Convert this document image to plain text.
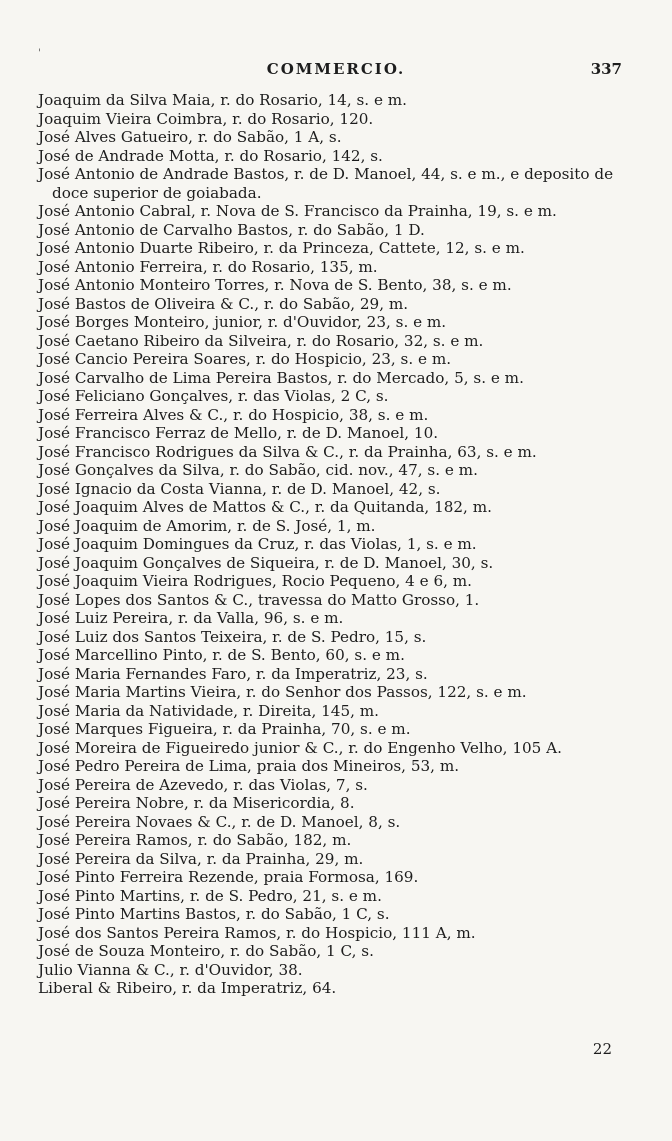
'
COMMERCIO.	337
Joaquim da Silva Maia, r. do Rosario, 14, s. e m.
Joaquim Vieira Coimbra, r. do Rosario, 120.
José Alves Gatueiro, r. do Sabão, 1 A, s.
José de Andrade Motta, r. do Rosario, 142, s.
José Antonio de Andrade Bastos, r. de D. Manoel, 44, s. e m., e deposito de doce superior de goiabada.
José Antonio Cabral, r. Nova de S. Francisco da Prainha, 19, s. e m.
José Antonio de Carvalho Bastos, r. do Sabão, 1 D.
José Antonio Duarte Ribeiro, r. da Princeza, Cattete, 12, s. e m.
José Antonio Ferreira, r. do Rosario, 135, m.
José Antonio Monteiro Torres, r. Nova de S. Bento, 38, s. e m.
José Bastos de Oliveira & C., r. do Sabão, 29, m.
José Borges Monteiro, junior, r. d'Ouvidor, 23, s. e m.
José Caetano Ribeiro da Silveira, r. do Rosario, 32, s. e m.
José Cancio Pereira Soares, r. do Hospicio, 23, s. e m.
José Carvalho de Lima Pereira Bastos, r. do Mercado, 5, s. e m.
José Feliciano Gonçalves, r. das Violas, 2 C, s.
José Ferreira Alves & C., r. do Hospicio, 38, s. e m.
José Francisco Ferraz de Mello, r. de D. Manoel, 10.
José Francisco Rodrigues da Silva & C., r. da Prainha, 63, s. e m.
José Gonçalves da Silva, r. do Sabão, cid. nov., 47, s. e m.
José Ignacio da Costa Vianna, r. de D. Manoel, 42, s.
José Joaquim Alves de Mattos & C., r. da Quitanda, 182, m.
José Joaquim de Amorim, r. de S. José, 1, m.
José Joaquim Domingues da Cruz, r. das Violas, 1, s. e m.
José Joaquim Gonçalves de Siqueira, r. de D. Manoel, 30, s.
José Joaquim Vieira Rodrigues, Rocio Pequeno, 4 e 6, m.
José Lopes dos Santos & C., travessa do Matto Grosso, 1.
José Luiz Pereira, r. da Valla, 96, s. e m.
José Luiz dos Santos Teixeira, r. de S. Pedro, 15, s.
José Marcellino Pinto, r. de S. Bento, 60, s. e m.
José Maria Fernandes Faro, r. da Imperatriz, 23, s.
José Maria Martins Vieira, r. do Senhor dos Passos, 122, s. e m.
José Maria da Natividade, r. Direita, 145, m.
José Marques Figueira, r. da Prainha, 70, s. e m.
José Moreira de Figueiredo junior & C., r. do Engenho Velho, 105 A.
José Pedro Pereira de Lima, praia dos Mineiros, 53, m.
José Pereira de Azevedo, r. das Violas, 7, s.
José Pereira Nobre, r. da Misericordia, 8.
José Pereira Novaes & C., r. de D. Manoel, 8, s.
José Pereira Ramos, r. do Sabão, 182, m.
José Pereira da Silva, r. da Prainha, 29, m.
José Pinto Ferreira Rezende, praia Formosa, 169.
José Pinto Martins, r. de S. Pedro, 21, s. e m.
José Pinto Martins Bastos, r. do Sabão, 1 C, s.
José dos Santos Pereira Ramos, r. do Hospicio, 111 A, m.
José de Souza Monteiro, r. do Sabão, 1 C, s.
Julio Vianna & C., r. d'Ouvidor, 38.
Liberal & Ribeiro, r. da Imperatriz, 64.
22
